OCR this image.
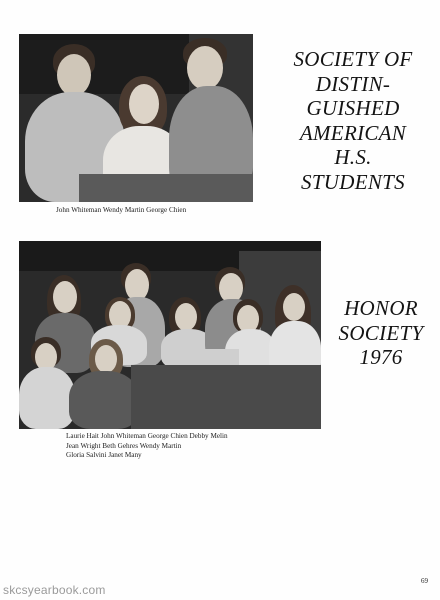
John Whiteman Wendy Martin George Chien
SOCIETY OF
DISTIN-
GUISHED
AMERICAN
H.S.
STUDENTS
Laurie Hait John Whiteman George Chien Debby Melin
Jean Wright Beth Gehres Wendy Martin
Gloria Salvini Janet Many
HONOR
SOCIETY
1976
69
skcsyearbook.com
